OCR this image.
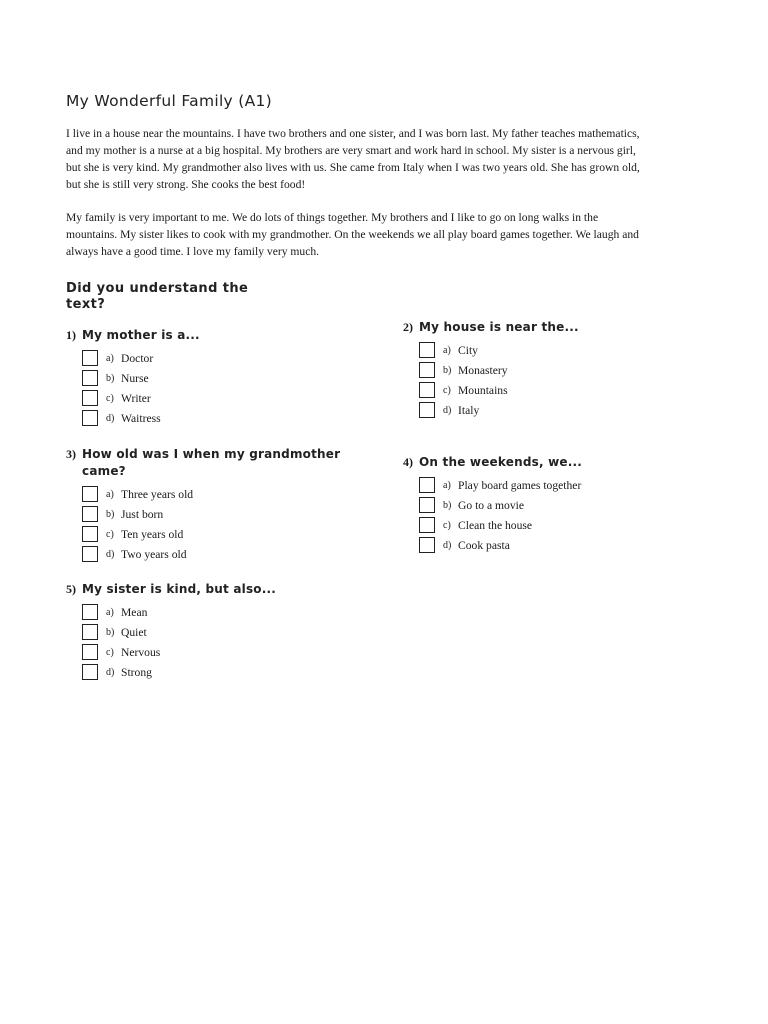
My Wonderful Family (A1)

I live in a house near the mountains. I have two brothers and one sister, and I was born last. My father teaches mathematics,
and my mother is a nurse at a big hospital. My brothers are very smart and work hard in school. My sister is a nervous girl,
but she is very kind. My grandmother also lives with us. She came from Italy when I was two years old. She has grown old,
but she is still very strong. She cooks the best food!

My family is very important to me. We do lots of things together. My brothers and I like to go on long walks in the
mountains. My sister likes to cook with my grandmother. On the weekends we all play board games together. We laugh and
always have a good time. I love my family very much.

Did you understand the
text?
1) My mother is a...
a) Doctor
b) Nurse
c) Writer
d) Waitress
2) My house is near the...
a) City
b) Monastery
c) Mountains
d) Italy
3) How old was I when my grandmother
came?
a) Three years old
b) Just born
c) Ten years old
d) Two years old
4) On the weekends, we...
a) Play board games together
b) Go to a movie
c) Clean the house
d) Cook pasta
5) My sister is kind, but also...
a) Mean
b) Quiet
c) Nervous
d) Strong
